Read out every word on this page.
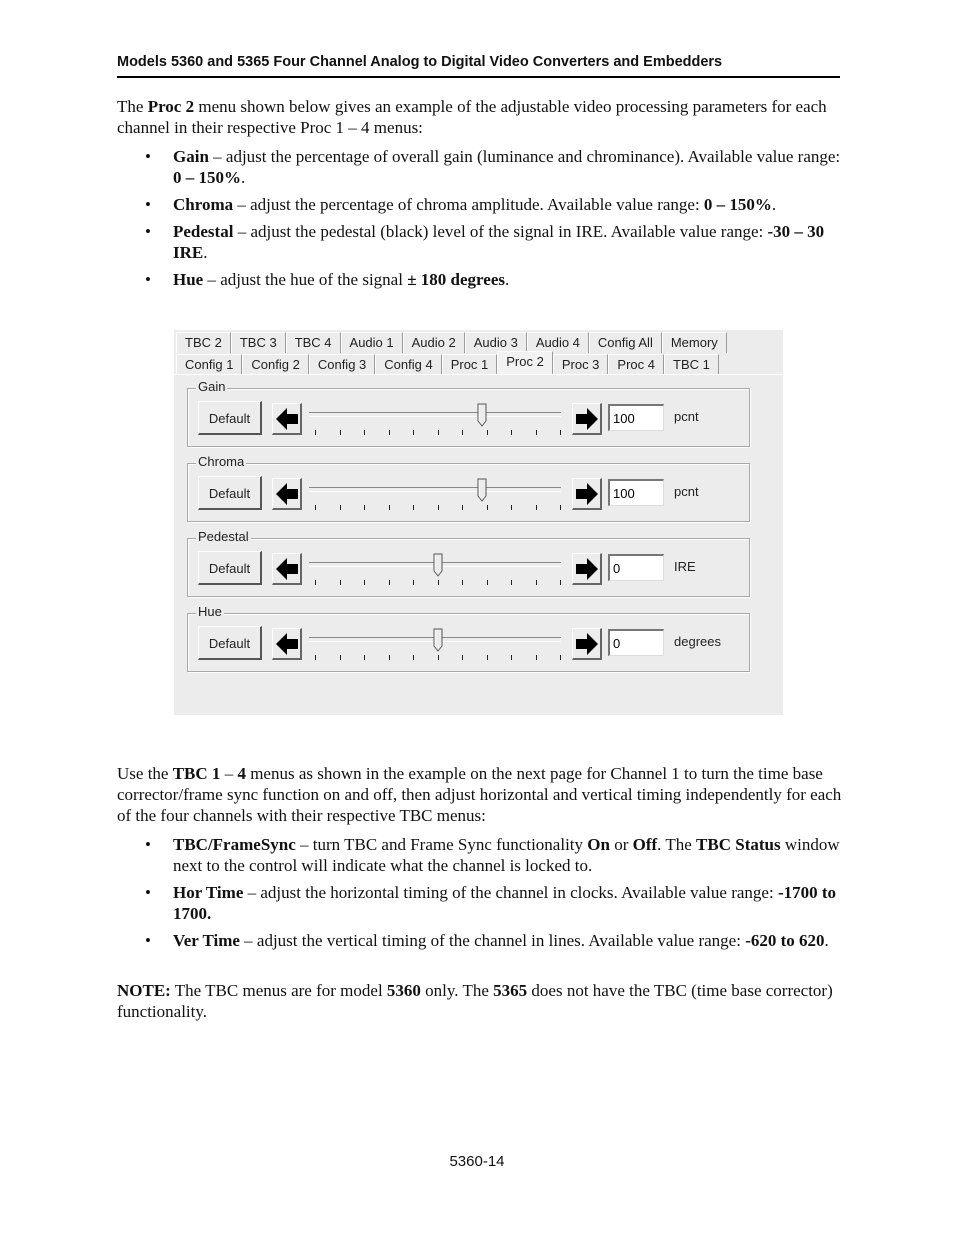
Models 5360 and 5365 Four Channel Analog to Digital Video Converters and Embedders

The Proc 2 menu shown below gives an example of the adjustable video processing parameters for each channel in their respective Proc 1 – 4 menus:

• Gain – adjust the percentage of overall gain (luminance and chrominance). Available value range: 0 – 150%.
• Chroma – adjust the percentage of chroma amplitude. Available value range: 0 – 150%.
• Pedestal – adjust the pedestal (black) level of the signal in IRE. Available value range: -30 – 30 IRE.
• Hue – adjust the hue of the signal ± 180 degrees.
TBC 2	TBC 3	TBC 4	Audio 1	Audio 2	Audio 3	Audio 4	Config All	Memory
Config 1	Config 2	Config 3	Config 4	Proc 1	Proc 2	Proc 3	Proc 4	TBC 1
Gain
Default
100	pcnt
Chroma
Default
100	pcnt
Pedestal
Default
0	IRE
Hue
Default
0	degrees

Use the TBC 1 – 4 menus as shown in the example on the next page for Channel 1 to turn the time base corrector/frame sync function on and off, then adjust horizontal and vertical timing independently for each of the four channels with their respective TBC menus:

• TBC/FrameSync – turn TBC and Frame Sync functionality On or Off. The TBC Status window next to the control will indicate what the channel is locked to.
• Hor Time – adjust the horizontal timing of the channel in clocks. Available value range: -1700 to 1700.
• Ver Time – adjust the vertical timing of the channel in lines. Available value range: -620 to 620.

NOTE: The TBC menus are for model 5360 only. The 5365 does not have the TBC (time base corrector) functionality.

5360-14
